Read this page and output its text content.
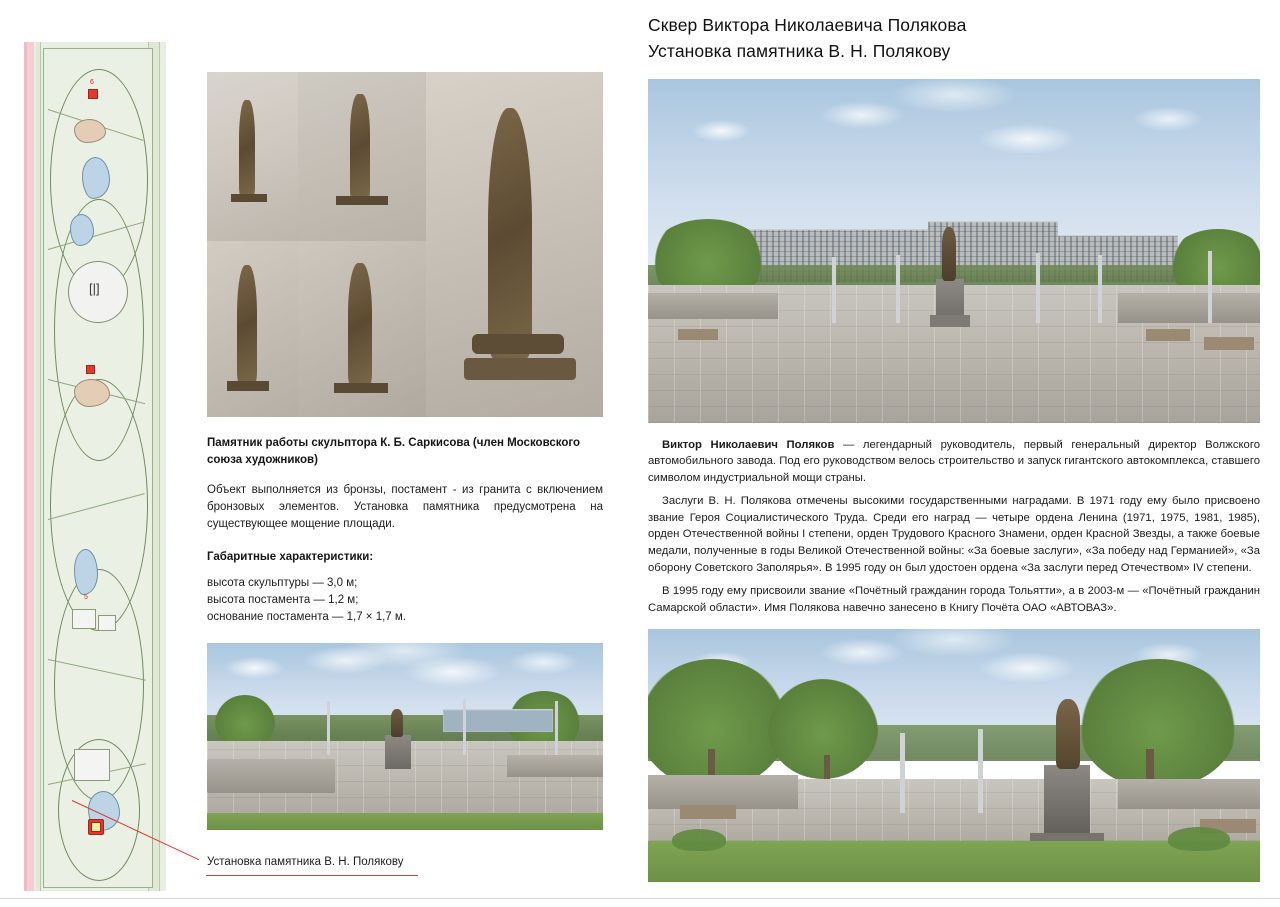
[|]
6
5
Памятник работы скульптора К. Б. Саркисова (член Московского союза художников)
Объект выполняется из бронзы, постамент - из гранита с включением бронзовых элементов. Установка памятника предусмотрена на существующее мощение площади.
Габаритные характеристики:
высота скульптуры — 3,0 м;
высота постамента — 1,2 м;
основание постамента — 1,7 × 1,7 м.
Установка памятника В. Н. Полякову
Сквер Виктора Николаевича Полякова
Установка памятника В. Н. Полякову

Виктор Николаевич Поляков — легендарный руководитель, первый генеральный директор Волжского автомобильного завода. Под его руководством велось строительство и запуск гигантского автокомплекса, ставшего символом индустриальной мощи страны.

Заслуги В. Н. Полякова отмечены высокими государственными наградами. В 1971 году ему было присвоено звание Героя Социалистического Труда. Среди его наград — четыре ордена Ленина (1971, 1975, 1981, 1985), орден Отечественной войны I степени, орден Трудового Красного Знамени, орден Красной Звезды, а также боевые медали, полученные в годы Великой Отечественной войны: «За боевые заслуги», «За победу над Германией», «За оборону Советского Заполярья». В 1995 году он был удостоен ордена «За заслуги перед Отечеством» IV степени.

В 1995 году ему присвоили звание «Почётный гражданин города Тольятти», а в 2003-м — «Почётный гражданин Самарской области». Имя Полякова навечно занесено в Книгу Почёта ОАО «АВТОВАЗ».
